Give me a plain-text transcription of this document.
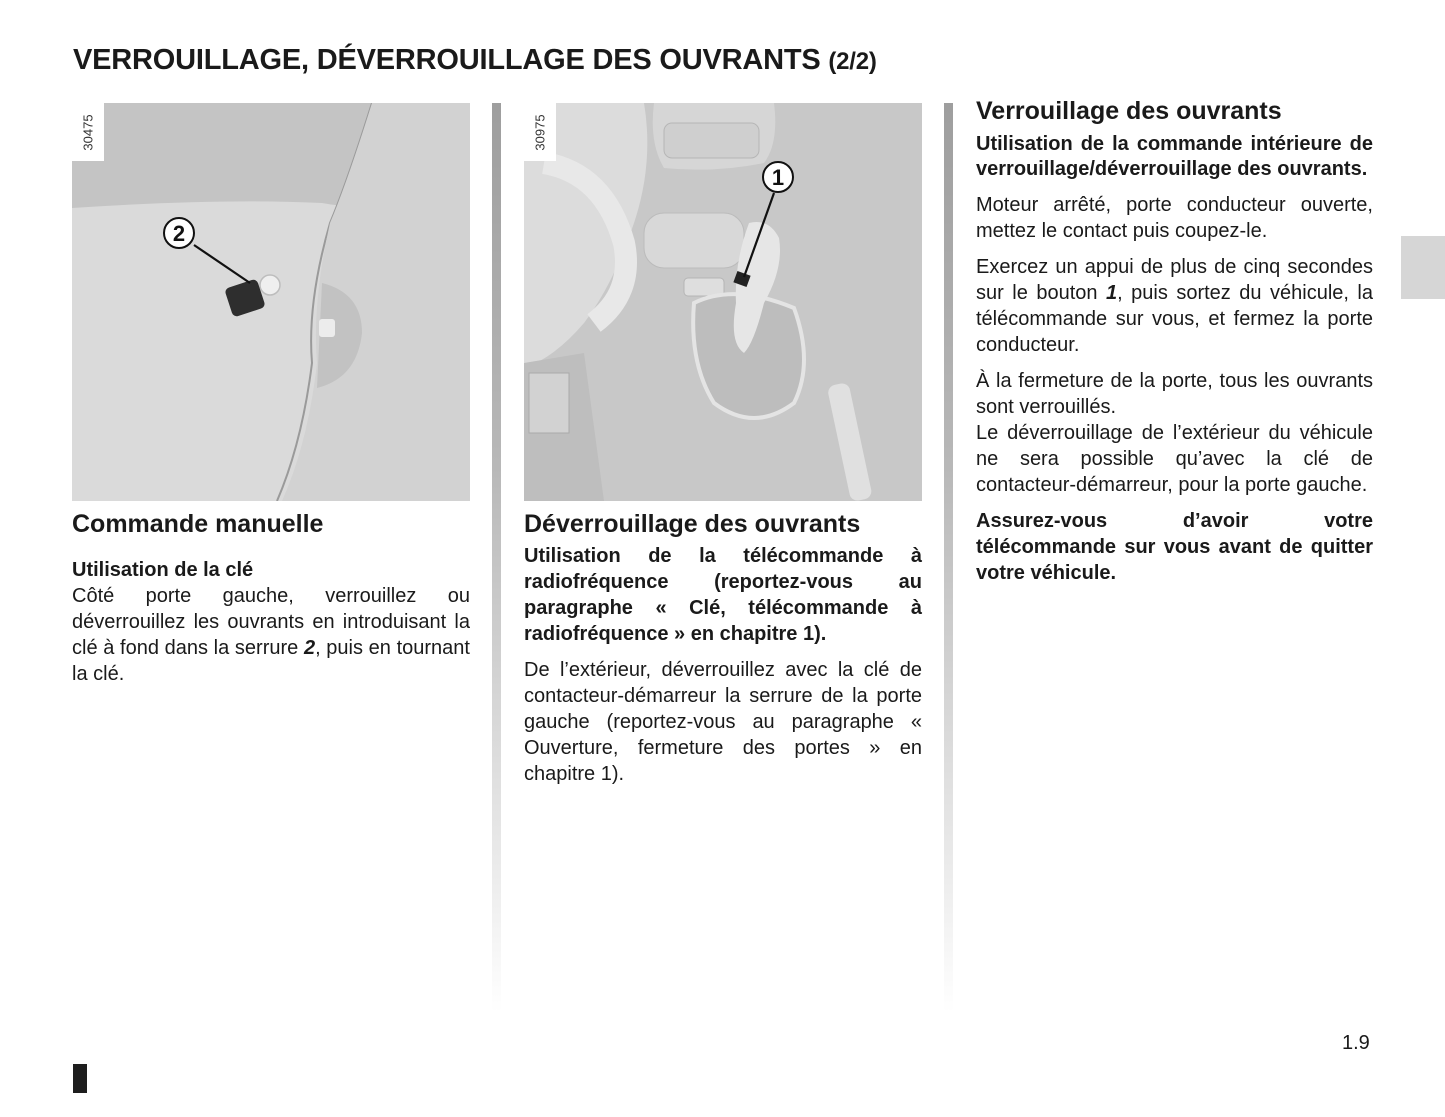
VERROUILLAGE, DÉVERROUILLAGE DES OUVRANTS (2/2)
2
30475
Commande manuelle

Utilisation de la clé

Côté porte gauche, verrouillez ou déverrouillez les ouvrants en introduisant la clé à fond dans la serrure 2, puis en tournant la clé.

1
30975
Déverrouillage des ouvrants

Utilisation de la télécommande à radiofréquence (reportez-vous au paragraphe « Clé, télécommande à radiofréquence » en chapitre 1).

De l’extérieur, déverrouillez avec la clé de contacteur-démarreur la serrure de la porte gauche (reportez-vous au paragraphe « Ouverture, fermeture des portes » en chapitre 1).

Verrouillage des ouvrants

Utilisation de la commande intérieure de verrouillage/déverrouillage des ouvrants.

Moteur arrêté, porte conducteur ouverte, mettez le contact puis coupez-le.

Exercez un appui de plus de cinq secondes sur le bouton 1, puis sortez du véhicule, la télécommande sur vous, et fermez la porte conducteur.

À la fermeture de la porte, tous les ouvrants sont verrouillés.

Le déverrouillage de l’extérieur du véhicule ne sera possible qu’avec la clé de contacteur-démarreur, pour la porte gauche.

Assurez-vous d’avoir votre télécommande sur vous avant de quitter votre véhicule.

1.9
